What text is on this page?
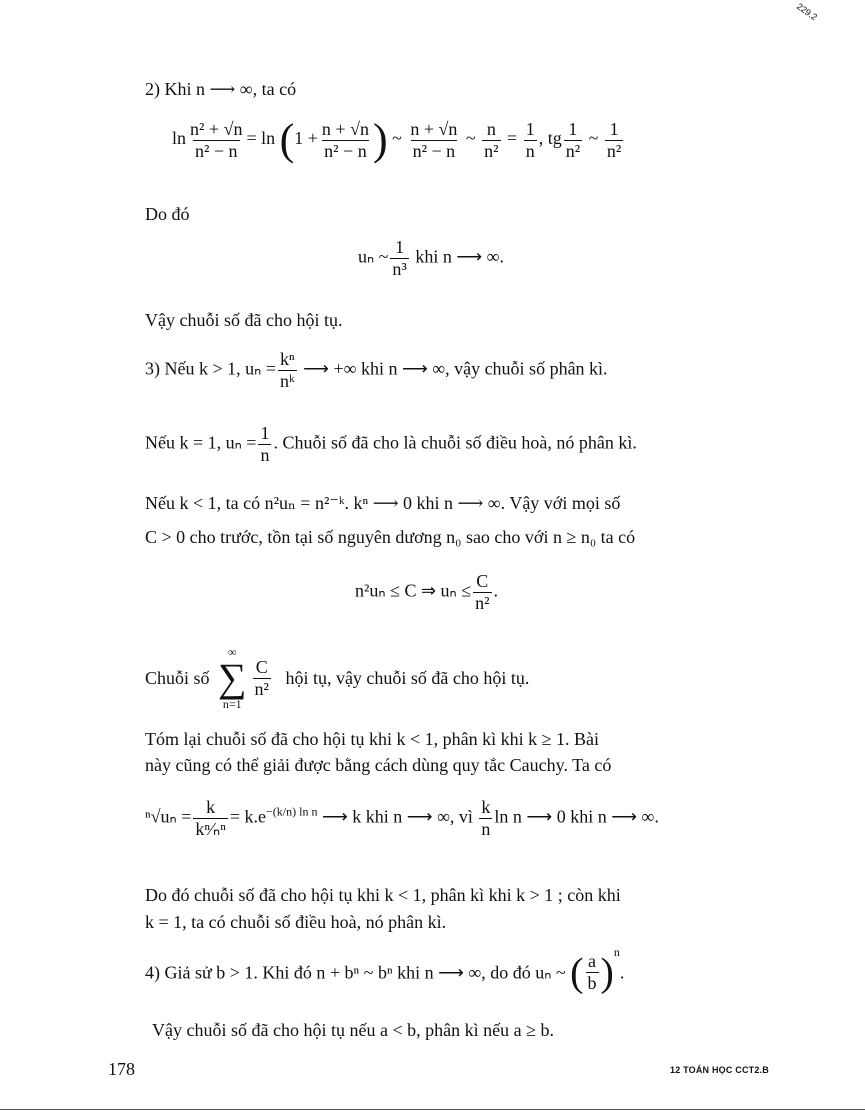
229.2
2) Khi n ⟶ ∞, ta có
$\ln \frac{\text{n² + √n}}{\text{n² − n}} = \ln (1 + \frac{n + √n}{\text{n² − n}}$ ) ~ $\frac{n + √n}{\text{n² − n}}$ ~ $\frac{n}{\text{n²}} = \frac{1}{n}$ , tg $\frac{1}{\text{n²}}$ ~ $\frac{1}{\text{n²}}$
Do đó
uₙ ~ $\frac{1}{\text{n³}}$ khi n ⟶ ∞.
Vậy chuỗi số đã cho hội tụ.
3) Nếu k > 1, $u_n = \frac{\text{kⁿ}}{\text{nᵏ}}$ ⟶ +∞ khi n ⟶ ∞, vậy chuỗi số phân kì.
Nếu k = 1, $u_n = \frac{1}{n}$ . Chuỗi số đã cho là chuỗi số điều hoà, nó phân kì.
Nếu k < 1, ta có n²uₙ = n²⁻ᵏ. kⁿ ⟶ 0 khi n ⟶ ∞. Vậy với mọi số
C > 0 cho trước, tồn tại số nguyên dương n₀ sao cho với n ≥ n₀ ta có
n²uₙ ≤ C ⇒ $u_n \le \frac{C}{\text{n²}}$ .
Chuỗi số
∞
∑
n=1
$\frac{C}{\text{n²}}$ hội tụ, vậy chuỗi số đã cho hội tụ.
Tóm lại chuỗi số đã cho hội tụ khi k < 1, phân kì khi k ≥ 1. Bài
này cũng có thể giải được bằng cách dùng quy tắc Cauchy. Ta có
$^n√u_n = \frac{k}{\text{kⁿ⁄ₙⁿ}} = k.e^{-(k/n) ln n}$ ⟶ k khi n ⟶ ∞, vì $\frac{k}{n}$ ln n ⟶ 0 khi n ⟶ ∞.
Do đó chuỗi số đã cho hội tụ khi k < 1, phân kì khi k > 1 ; còn khi
k = 1, ta có chuỗi số điều hoà, nó phân kì.
4) Giả sử b > 1. Khi đó n + bⁿ ~ bⁿ khi n ⟶ ∞, do đó uₙ ~ ( $\frac{a}{b} )^n$.
Vậy chuỗi số đã cho hội tụ nếu a < b, phân kì nếu a ≥ b.
178	12 TOÁN HỌC CCT2.B
